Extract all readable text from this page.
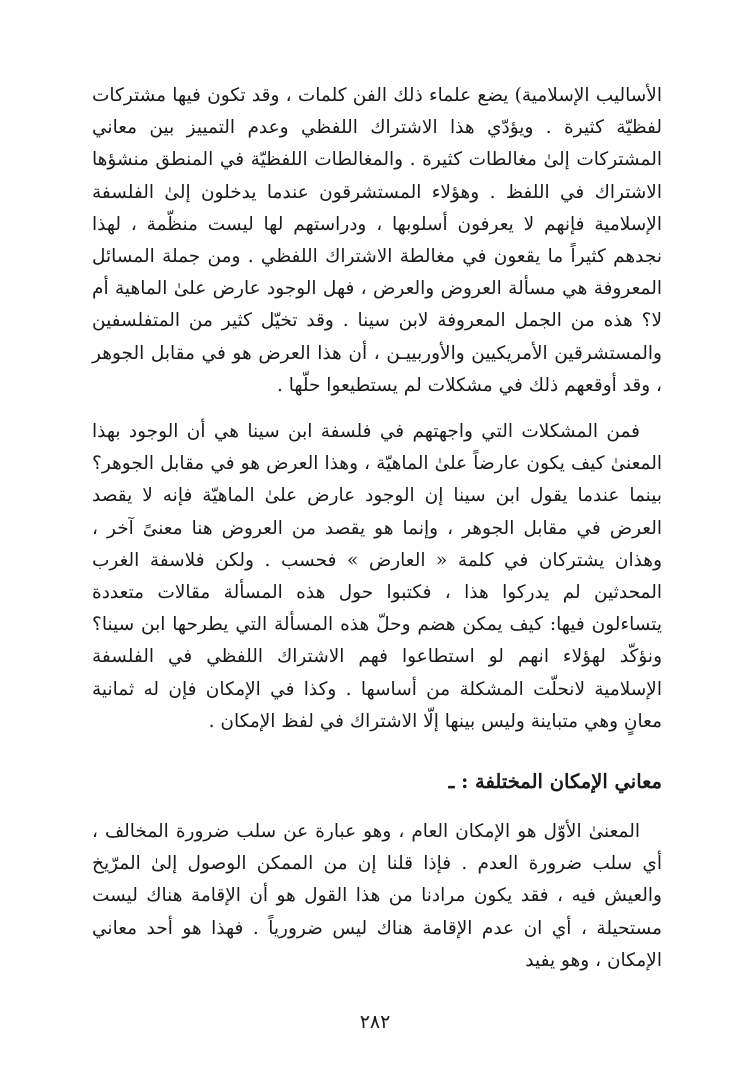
الأساليب الإسلامية) يضع علماء ذلك الفن كلمات ، وقد تكون فيها مشتركات لفظيّة كثيرة . ويؤدّي هذا الاشتراك اللفظي وعدم التمييز بين معاني المشتركات إلىٰ مغالطات كثيرة . والمغالطات اللفظيّة في المنطق منشؤها الاشتراك في اللفظ . وهؤلاء المستشرقون عندما يدخلون إلىٰ الفلسفة الإسلامية فإنهم لا يعرفون أسلوبها ، ودراستهم لها ليست منظّمة ، لهذا نجدهم كثيراً ما يقعون في مغالطة الاشتراك اللفظي . ومن جملة المسائل المعروفة هي مسألة العروض والعرض ، فهل الوجود عارض علىٰ الماهية أم لا؟ هذه من الجمل المعروفة لابن سينا . وقد تخيّل كثير من المتفلسفين والمستشرقين الأمريكيين والأوربييـن ، أن هذا العرض هو في مقابل الجوهر ، وقد أوقعهم ذلك في مشكلات لم يستطيعوا حلّها .

فمن المشكلات التي واجهتهم في فلسفة ابن سينا هي أن الوجود بهذا المعنىٰ كيف يكون عارضاً علىٰ الماهيّة ، وهذا العرض هو في مقابل الجوهر؟ بينما عندما يقول ابن سينا إن الوجود عارض علىٰ الماهيّة فإنه لا يقصد العرض في مقابل الجوهر ، وإنما هو يقصد من العروض هنا معنىً آخر ، وهذان يشتركان في كلمة « العارض » فحسب . ولكن فلاسفة الغرب المحدثين لم يدركوا هذا ، فكتبوا حول هذه المسألة مقالات متعددة يتساءلون فيها: كيف يمكن هضم وحلّ هذه المسألة التي يطرحها ابن سينا؟ ونؤكّد لهؤلاء انهم لو استطاعوا فهم الاشتراك اللفظي في الفلسفة الإسلامية لانحلّت المشكلة من أساسها . وكذا في الإمكان فإن له ثمانية معانٍ وهي متباينة وليس بينها إلّا الاشتراك في لفظ الإمكان .

معاني الإمكان المختلفة : ـ

المعنىٰ الأوّل هو الإمكان العام ، وهو عبارة عن سلب ضرورة المخالف ، أي سلب ضرورة العدم . فإذا قلنا إن من الممكن الوصول إلىٰ المرّيخ والعيش فيه ، فقد يكون مرادنا من هذا القول هو أن الإقامة هناك ليست مستحيلة ، أي ان عدم الإقامة هناك ليس ضرورياً . فهذا هو أحد معاني الإمكان ، وهو يفيد

٢٨٢
